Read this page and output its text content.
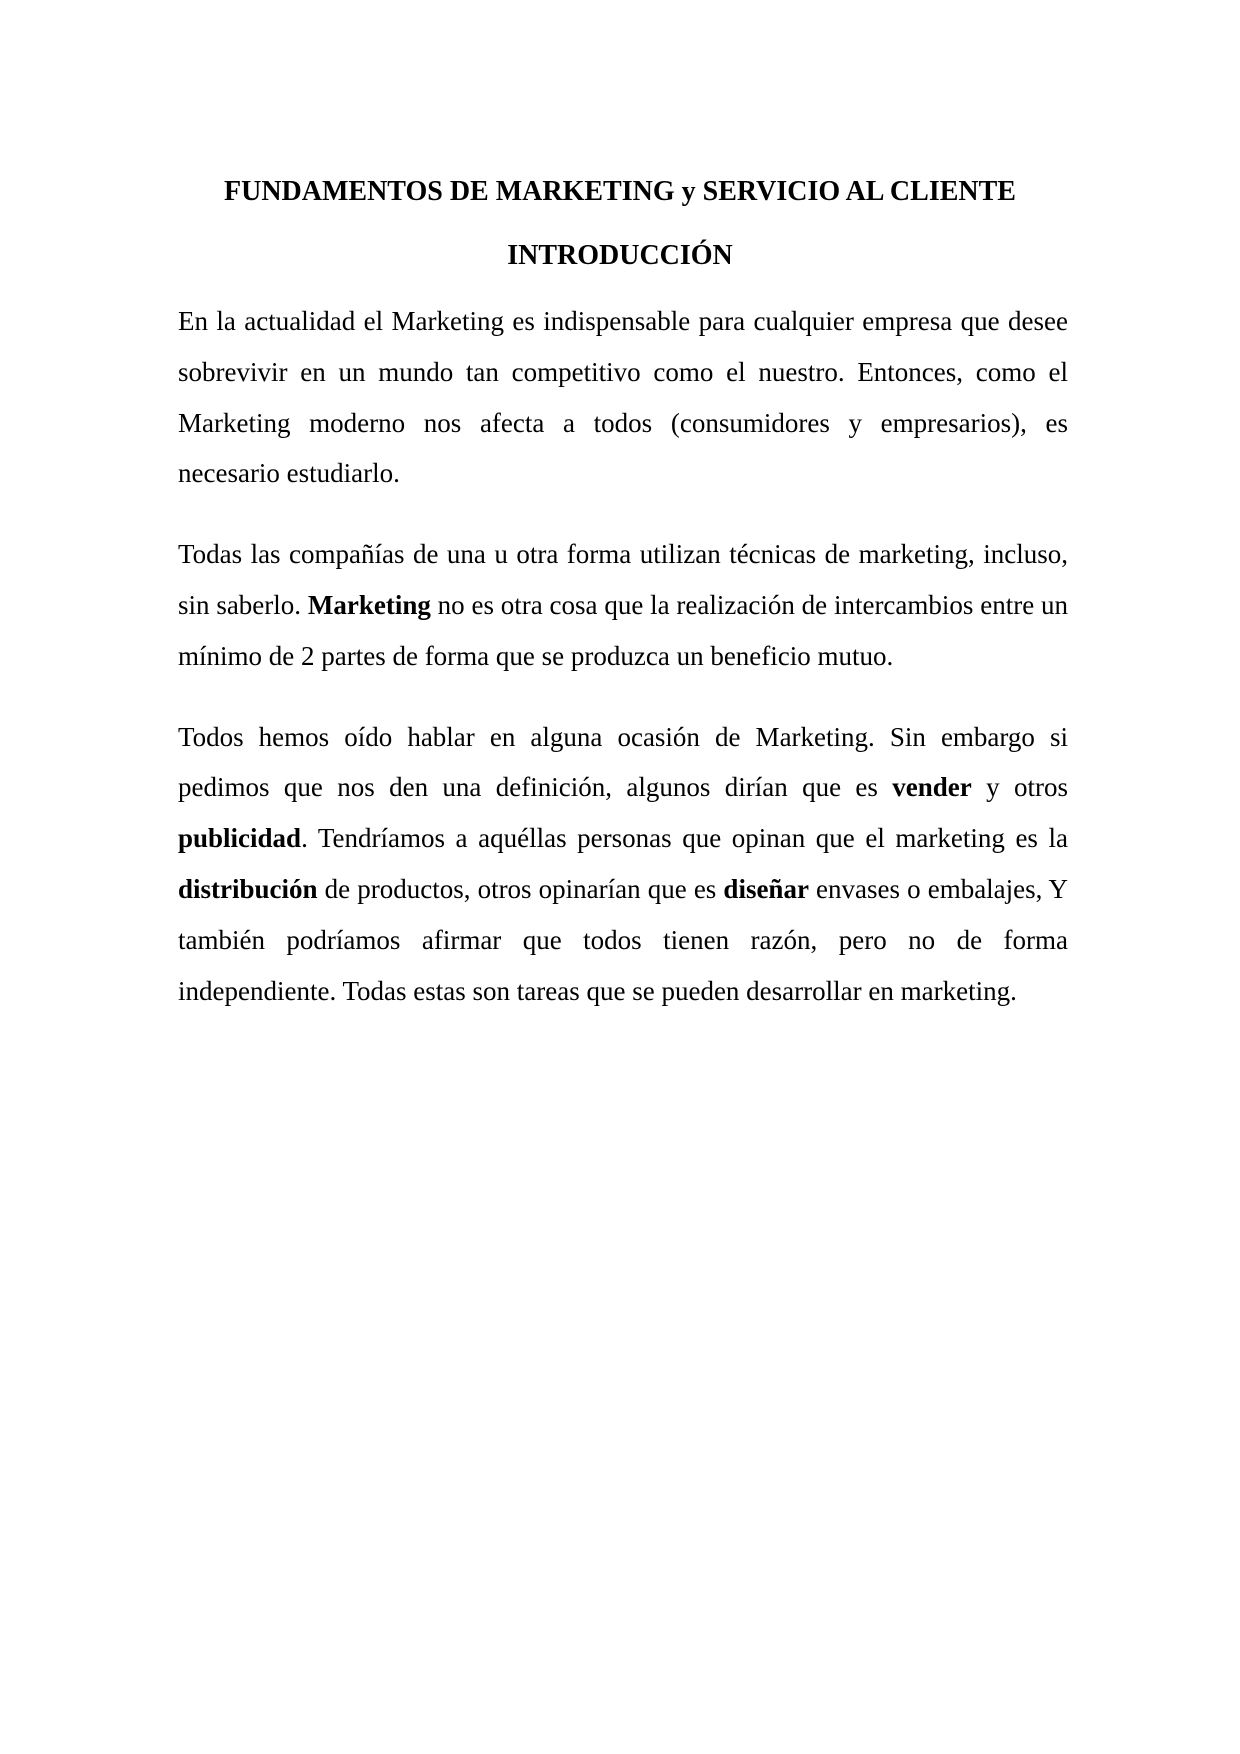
FUNDAMENTOS DE MARKETING y SERVICIO AL CLIENTE
INTRODUCCIÓN

En la actualidad el Marketing es indispensable para cualquier empresa que desee sobrevivir en un mundo tan competitivo como el nuestro. Entonces, como el Marketing moderno nos afecta a todos (consumidores y empresarios), es necesario estudiarlo.

Todas las compañías de una u otra forma utilizan técnicas de marketing, incluso, sin saberlo. Marketing no es otra cosa que la realización de intercambios entre un mínimo de 2 partes de forma que se produzca un beneficio mutuo.

Todos hemos oído hablar en alguna ocasión de Marketing. Sin embargo si pedimos que nos den una definición, algunos dirían que es vender y otros publicidad. Tendríamos a aquéllas personas que opinan que el marketing es la distribución de productos, otros opinarían que es diseñar envases o embalajes, Y también podríamos afirmar que todos tienen razón, pero no de forma independiente. Todas estas son tareas que se pueden desarrollar en marketing.
